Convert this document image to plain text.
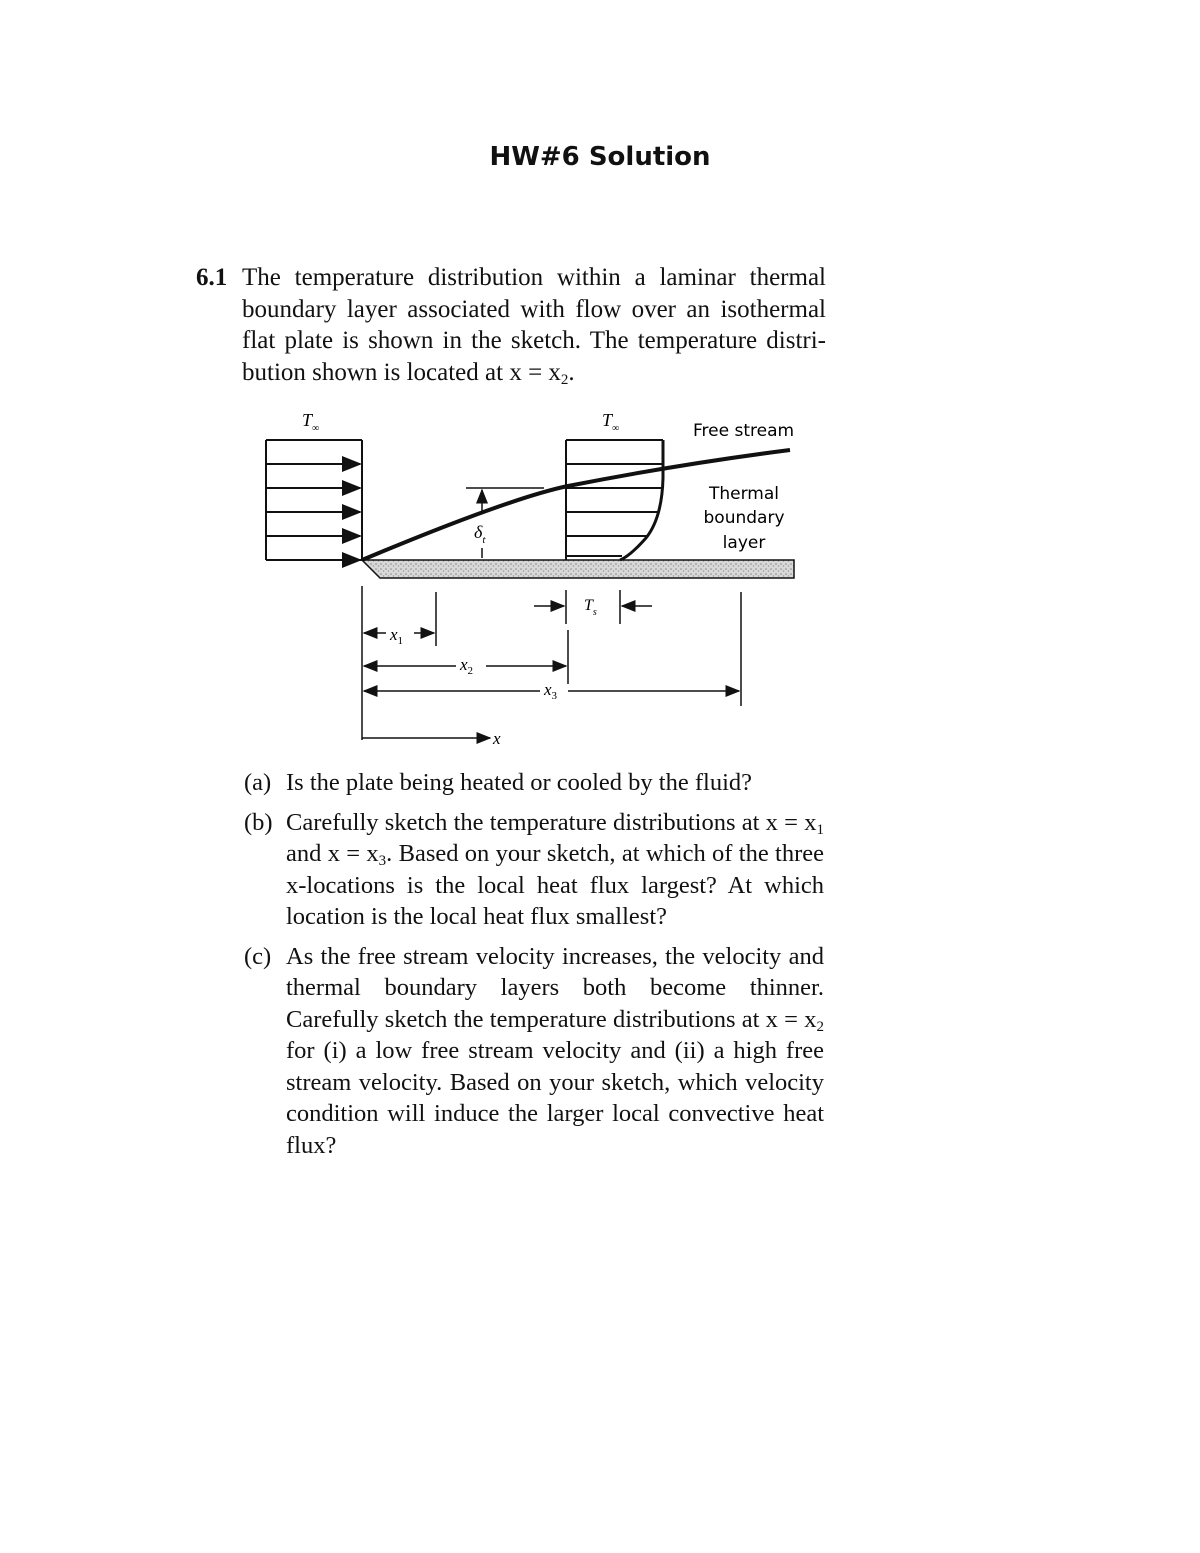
HW#6 Solution
6.1 The temperature distribution within a laminar thermal boundary layer associated with flow over an isothermal flat plate is shown in the sketch. The temperature distri-bution shown is located at $x = x_2$.
$T_\infty$	$T_\infty$	Free stream
Thermal
boundary
layer
$\delta_t$
$T_s$
$x_1$
$x_2$
$x_3$
x
(a) Is the plate being heated or cooled by the fluid?
(b) Carefully sketch the temperature distributions at $x = x_1$ and $x = x_3$. Based on your sketch, at which of the three x-locations is the local heat flux largest? At which location is the local heat flux smallest?
(c) As the free stream velocity increases, the velocity and thermal boundary layers both become thinner. Carefully sketch the temperature distributions at $x = x_2$ for (i) a low free stream velocity and (ii) a high free stream velocity. Based on your sketch, which velocity condition will induce the larger local convective heat flux?
